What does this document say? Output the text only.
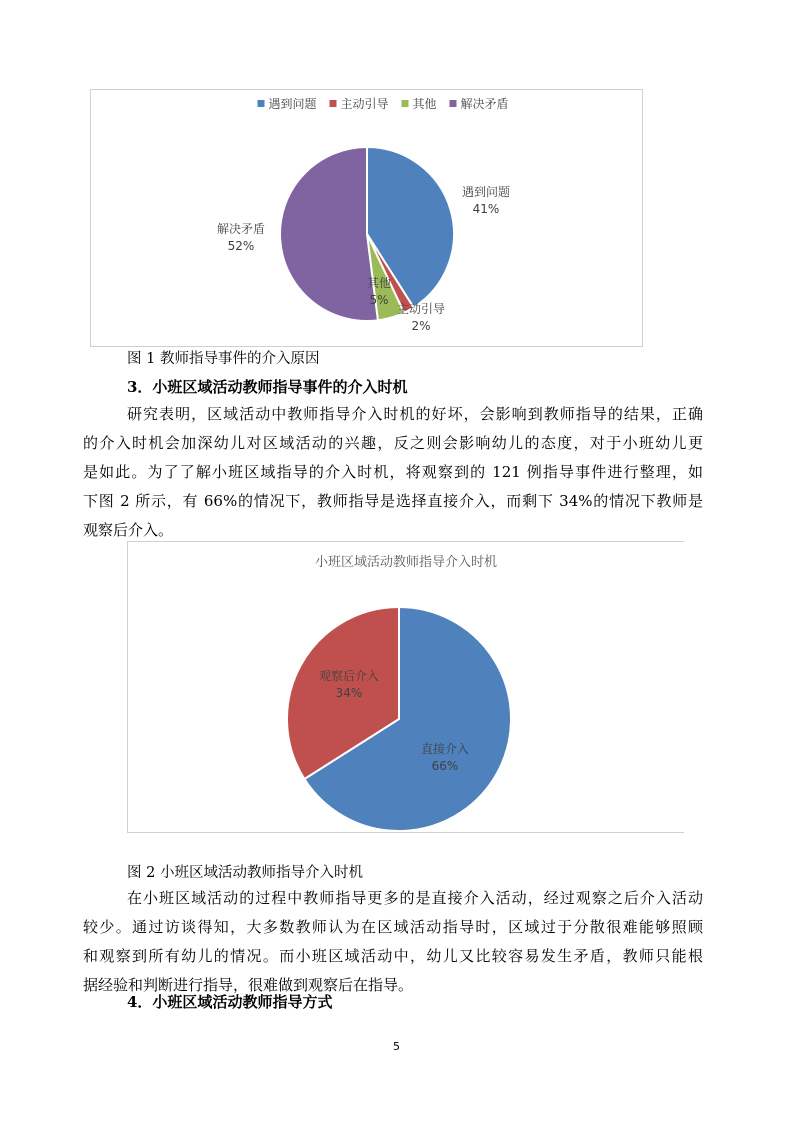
遇到问题 主动引导 其他 解决矛盾
遇到问题
41%
主动引导
2%
其他
5%
解决矛盾
52%
图 1 教师指导事件的介入原因
3．小班区域活动教师指导事件的介入时机
研究表明，区域活动中教师指导介入时机的好坏，会影响到教师指导的结果，正确
的介入时机会加深幼儿对区域活动的兴趣，反之则会影响幼儿的态度，对于小班幼儿更
是如此。为了了解小班区域指导的介入时机，将观察到的 121 例指导事件进行整理，如
下图 2 所示，有 66%的情况下，教师指导是选择直接介入，而剩下 34%的情况下教师是
观察后介入。
小班区域活动教师指导介入时机
直接介入
66%
观察后介入
34%
图 2 小班区域活动教师指导介入时机
在小班区域活动的过程中教师指导更多的是直接介入活动，经过观察之后介入活动
较少。通过访谈得知，大多数教师认为在区域活动指导时，区域过于分散很难能够照顾
和观察到所有幼儿的情况。而小班区域活动中，幼儿又比较容易发生矛盾，教师只能根
据经验和判断进行指导，很难做到观察后在指导。
4．小班区域活动教师指导方式
5
